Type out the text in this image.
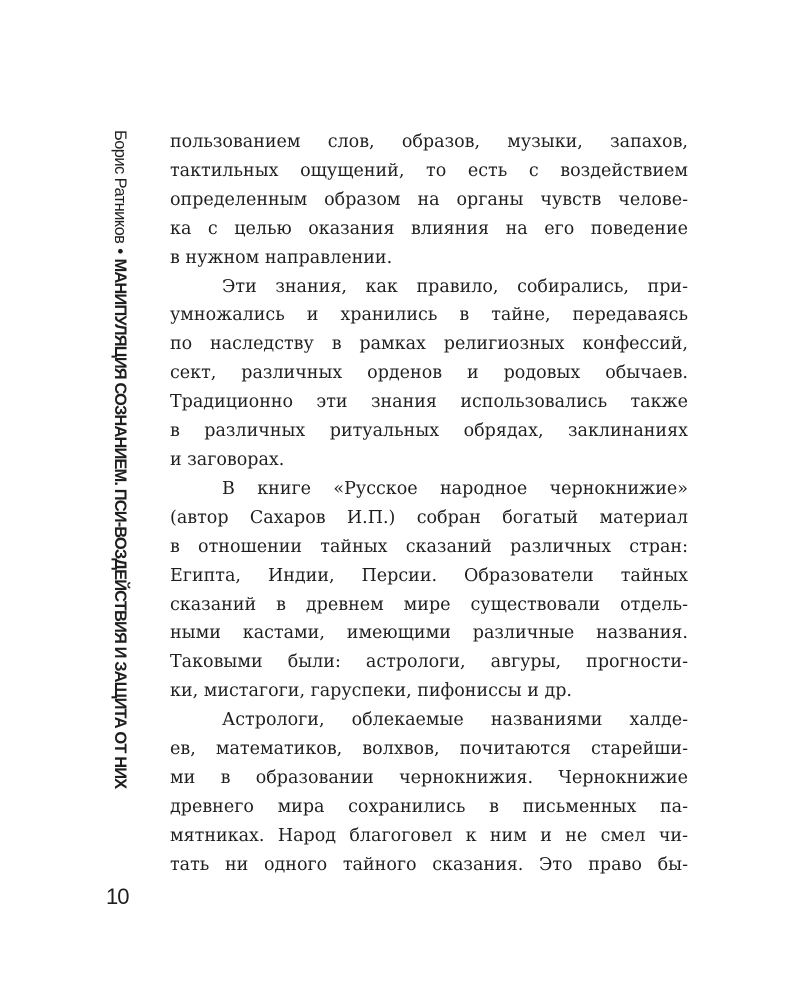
Борис Ратников•МАНИПУЛЯЦИЯ СОЗНАНИЕМ. ПСИ-ВОЗДЕЙСТВИЯ И ЗАЩИТА ОТ НИХ

пользованием слов, образов, музыки, запахов,
тактильных ощущений, то есть с воздействием
определенным образом на органы чувств челове-
ка с целью оказания влияния на его поведение
в нужном направлении.
Эти знания, как правило, собирались, при-
умножались и хранились в тайне, передаваясь
по наследству в рамках религиозных конфессий,
сект, различных орденов и родовых обычаев.
Традиционно эти знания использовались также
в различных ритуальных обрядах, заклинаниях
и заговорах.
В книге «Русское народное чернокнижие»
(автор Сахаров И.П.) собран богатый материал
в отношении тайных сказаний различных стран:
Египта, Индии, Персии. Образователи тайных
сказаний в древнем мире существовали отдель-
ными кастами, имеющими различные названия.
Таковыми были: астрологи, авгуры, прогности-
ки, мистагоги, гаруспеки, пифониссы и др.
Астрологи, облекаемые названиями халде-
ев, математиков, волхвов, почитаются старейши-
ми в образовании чернокнижия. Чернокнижие
древнего мира сохранились в письменных па-
мятниках. Народ благоговел к ним и не смел чи-
тать ни одного тайного сказания. Это право бы-

10
